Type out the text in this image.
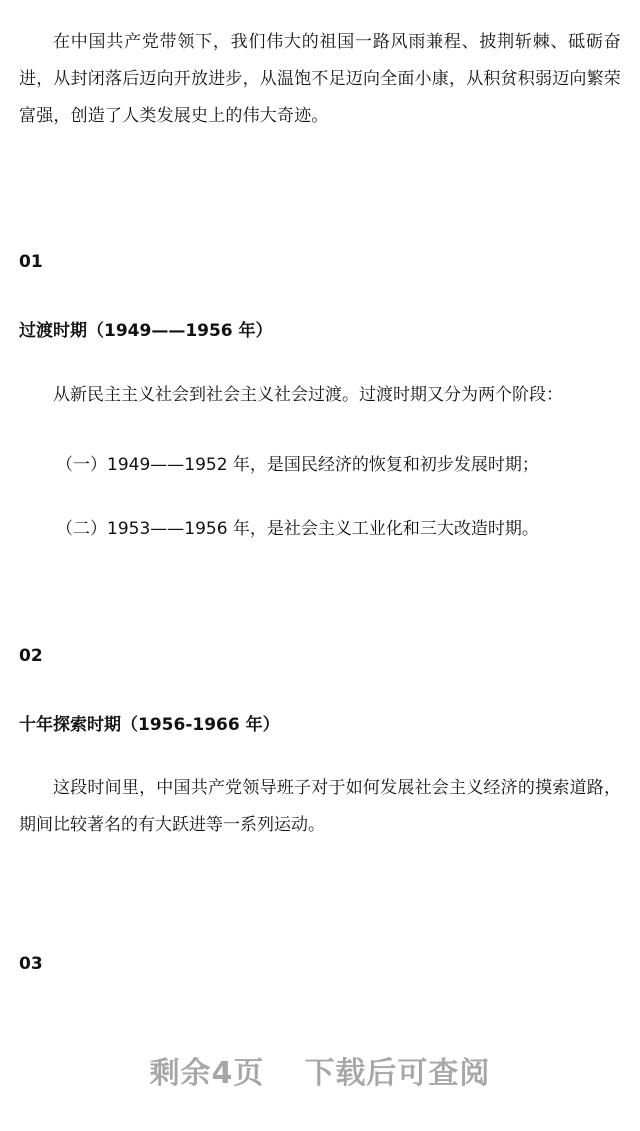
在中国共产党带领下，我们伟大的祖国一路风雨兼程、披荆斩棘、砥砺奋进，从封闭落后迈向开放进步，从温饱不足迈向全面小康，从积贫积弱迈向繁荣富强，创造了人类发展史上的伟大奇迹。

01

过渡时期（1949——1956 年）

从新民主主义社会到社会主义社会过渡。过渡时期又分为两个阶段：

（一）1949——1952 年，是国民经济的恢复和初步发展时期；

（二）1953——1956 年，是社会主义工业化和三大改造时期。

02

十年探索时期（1956-1966 年）

这段时间里，中国共产党领导班子对于如何发展社会主义经济的摸索道路，期间比较著名的有大跃进等一系列运动。

03

剩余4页 下载后可查阅
